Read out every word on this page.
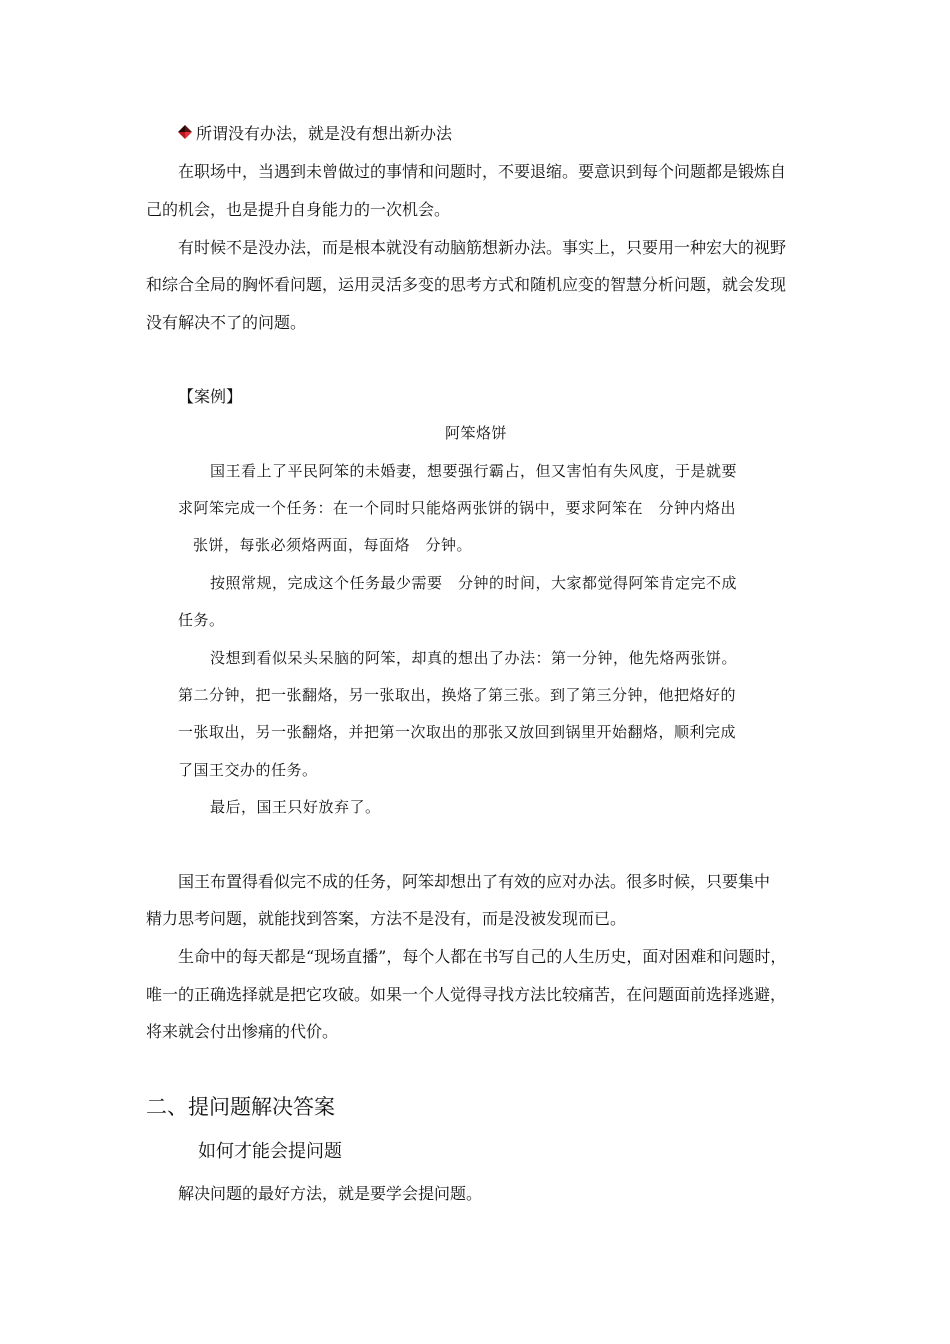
所谓没有办法，就是没有想出新办法
在职场中，当遇到未曾做过的事情和问题时，不要退缩。要意识到每个问题都是锻炼自
己的机会，也是提升自身能力的一次机会。
有时候不是没办法，而是根本就没有动脑筋想新办法。事实上，只要用一种宏大的视野
和综合全局的胸怀看问题，运用灵活多变的思考方式和随机应变的智慧分析问题，就会发现
没有解决不了的问题。
【案例】
阿笨烙饼
国王看上了平民阿笨的未婚妻，想要强行霸占，但又害怕有失风度，于是就要
求阿笨完成一个任务：在一个同时只能烙两张饼的锅中，要求阿笨在　分钟内烙出
张饼，每张必须烙两面，每面烙　分钟。
按照常规，完成这个任务最少需要　分钟的时间，大家都觉得阿笨肯定完不成
任务。
没想到看似呆头呆脑的阿笨，却真的想出了办法：第一分钟，他先烙两张饼。
第二分钟，把一张翻烙，另一张取出，换烙了第三张。到了第三分钟，他把烙好的
一张取出，另一张翻烙，并把第一次取出的那张又放回到锅里开始翻烙，顺利完成
了国王交办的任务。
最后，国王只好放弃了。
国王布置得看似完不成的任务，阿笨却想出了有效的应对办法。很多时候，只要集中
精力思考问题，就能找到答案，方法不是没有，而是没被发现而已。
生命中的每天都是“现场直播”，每个人都在书写自己的人生历史，面对困难和问题时，
唯一的正确选择就是把它攻破。如果一个人觉得寻找方法比较痛苦，在问题面前选择逃避，
将来就会付出惨痛的代价。
二、提问题解决答案
如何才能会提问题
解决问题的最好方法，就是要学会提问题。
